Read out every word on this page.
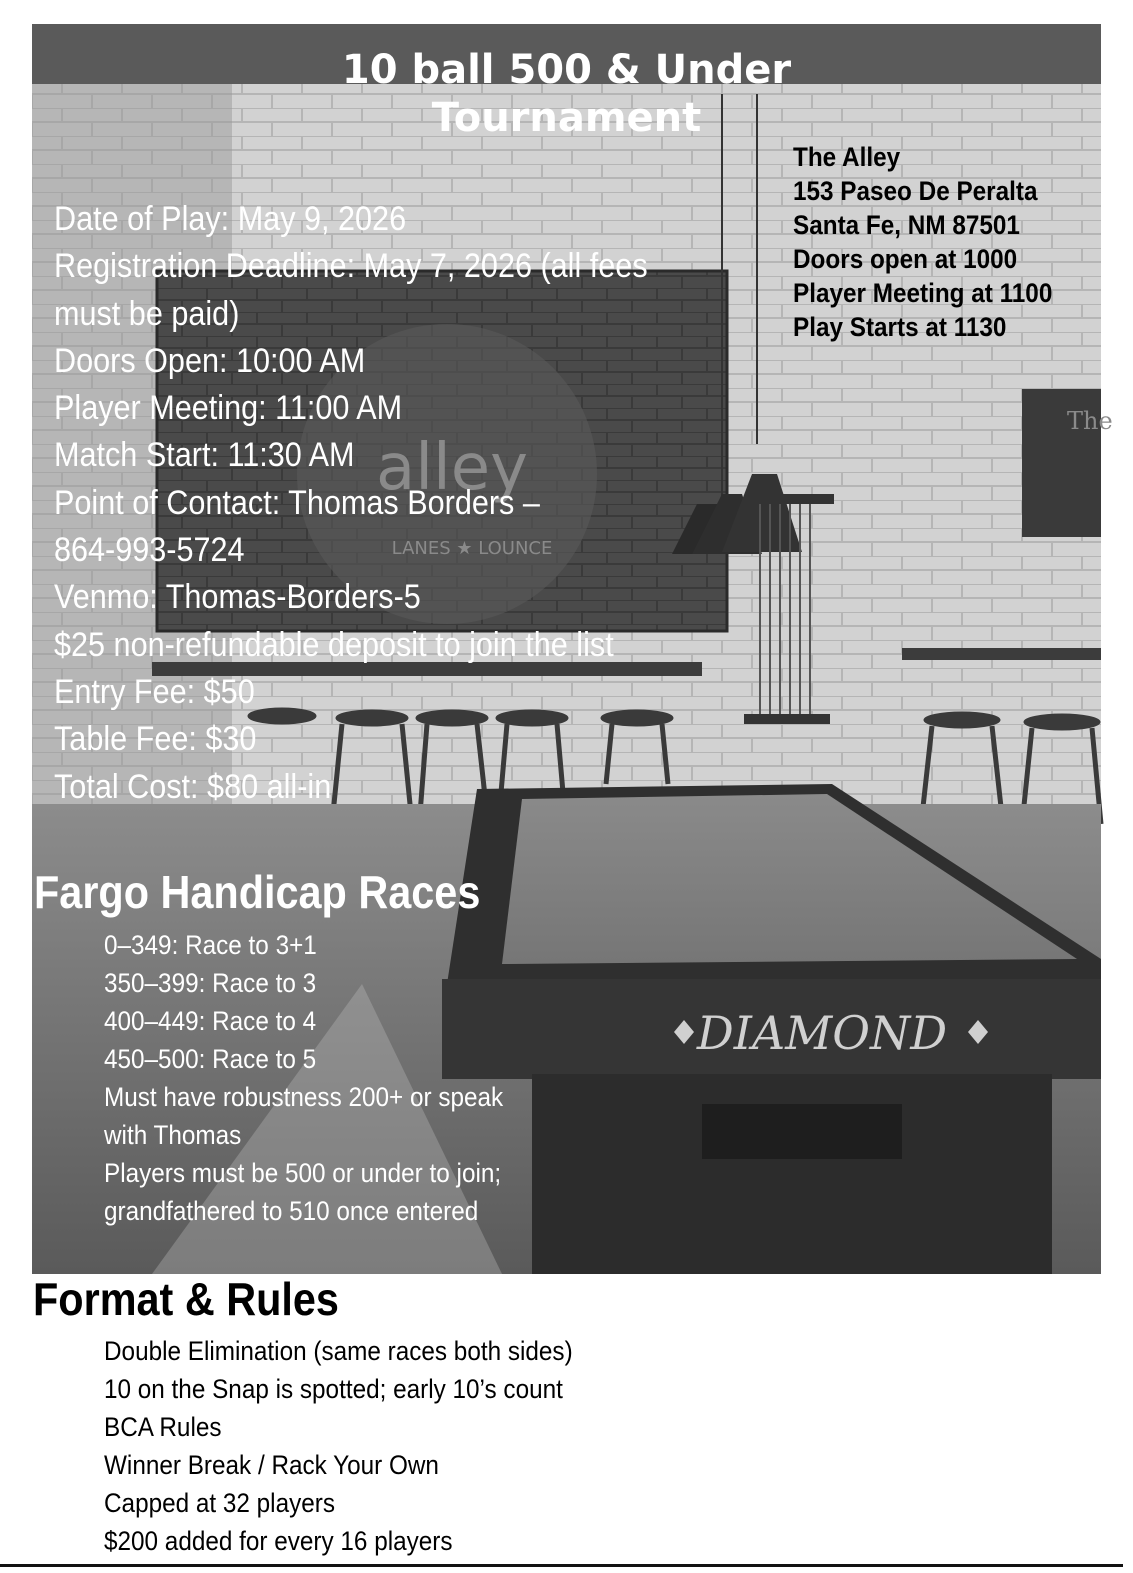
alley
LANES ★ LOUNCE
The
DIAMOND
10 ball 500 & Under
Tournament
The Alley
153 Paseo De Peralta
Santa Fe, NM 87501
Doors open at 1000
Player Meeting at 1100
Play Starts at 1130
Date of Play: May 9, 2026
Registration Deadline: May 7, 2026 (all fees
must be paid)
Doors Open: 10:00 AM
Player Meeting: 11:00 AM
Match Start: 11:30 AM
Point of Contact: Thomas Borders –
864-993-5724
Venmo: Thomas-Borders-5
$25 non-refundable deposit to join the list
Entry Fee: $50
Table Fee: $30
Total Cost: $80 all-in
Fargo Handicap Races
0–349: Race to 3+1
350–399: Race to 3
400–449: Race to 4
450–500: Race to 5
Must have robustness 200+ or speak
with Thomas
Players must be 500 or under to join;
grandfathered to 510 once entered
Format & Rules
Double Elimination (same races both sides)
10 on the Snap is spotted; early 10’s count
BCA Rules
Winner Break / Rack Your Own
Capped at 32 players
$200 added for every 16 players
